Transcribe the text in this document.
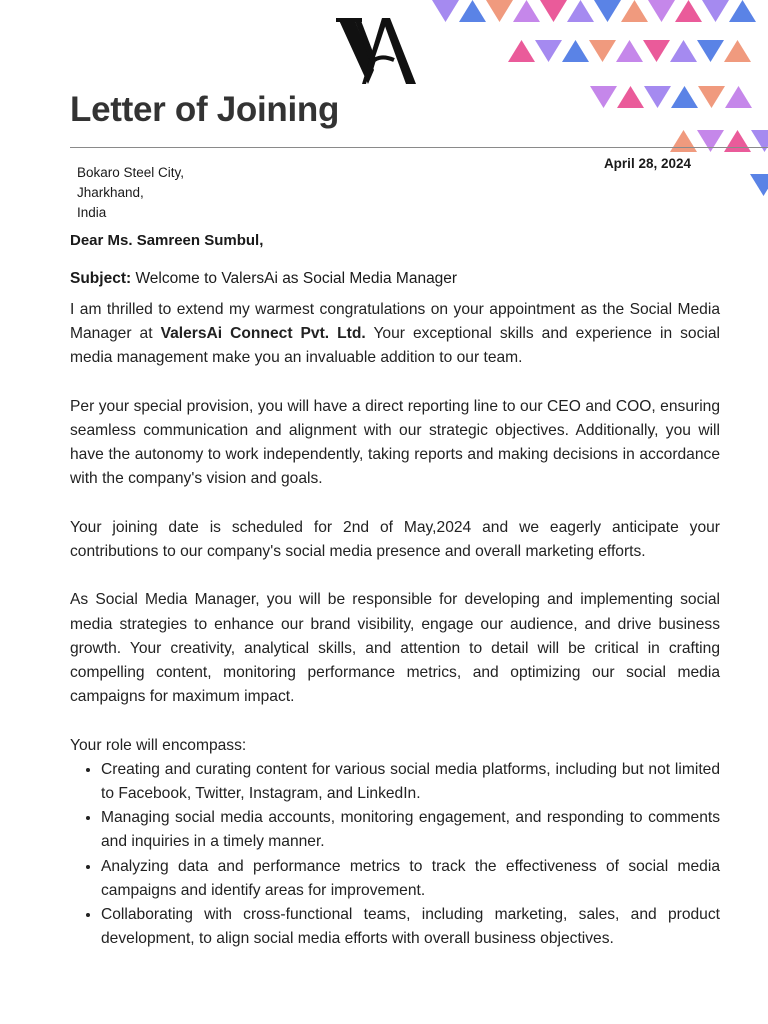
Letter of Joining
Bokaro Steel City,
Jharkhand,
India
April 28, 2024
Dear Ms. Samreen Sumbul,
Subject: Welcome to ValersAi as Social Media Manager

I am thrilled to extend my warmest congratulations on your appointment as the Social Media Manager at ValersAi Connect Pvt. Ltd. Your exceptional skills and experience in social media management make you an invaluable addition to our team.

Per your special provision, you will have a direct reporting line to our CEO and COO, ensuring seamless communication and alignment with our strategic objectives. Additionally, you will have the autonomy to work independently, taking reports and making decisions in accordance with the company's vision and goals.

Your joining date is scheduled for 2nd of May,2024 and we eagerly anticipate your contributions to our company's social media presence and overall marketing efforts.

As Social Media Manager, you will be responsible for developing and implementing social media strategies to enhance our brand visibility, engage our audience, and drive business growth. Your creativity, analytical skills, and attention to detail will be critical in crafting compelling content, monitoring performance metrics, and optimizing our social media campaigns for maximum impact.

Your role will encompass:

• Creating and curating content for various social media platforms, including but not limited to Facebook, Twitter, Instagram, and LinkedIn.
• Managing social media accounts, monitoring engagement, and responding to comments and inquiries in a timely manner.
• Analyzing data and performance metrics to track the effectiveness of social media campaigns and identify areas for improvement.
• Collaborating with cross-functional teams, including marketing, sales, and product development, to align social media efforts with overall business objectives.
